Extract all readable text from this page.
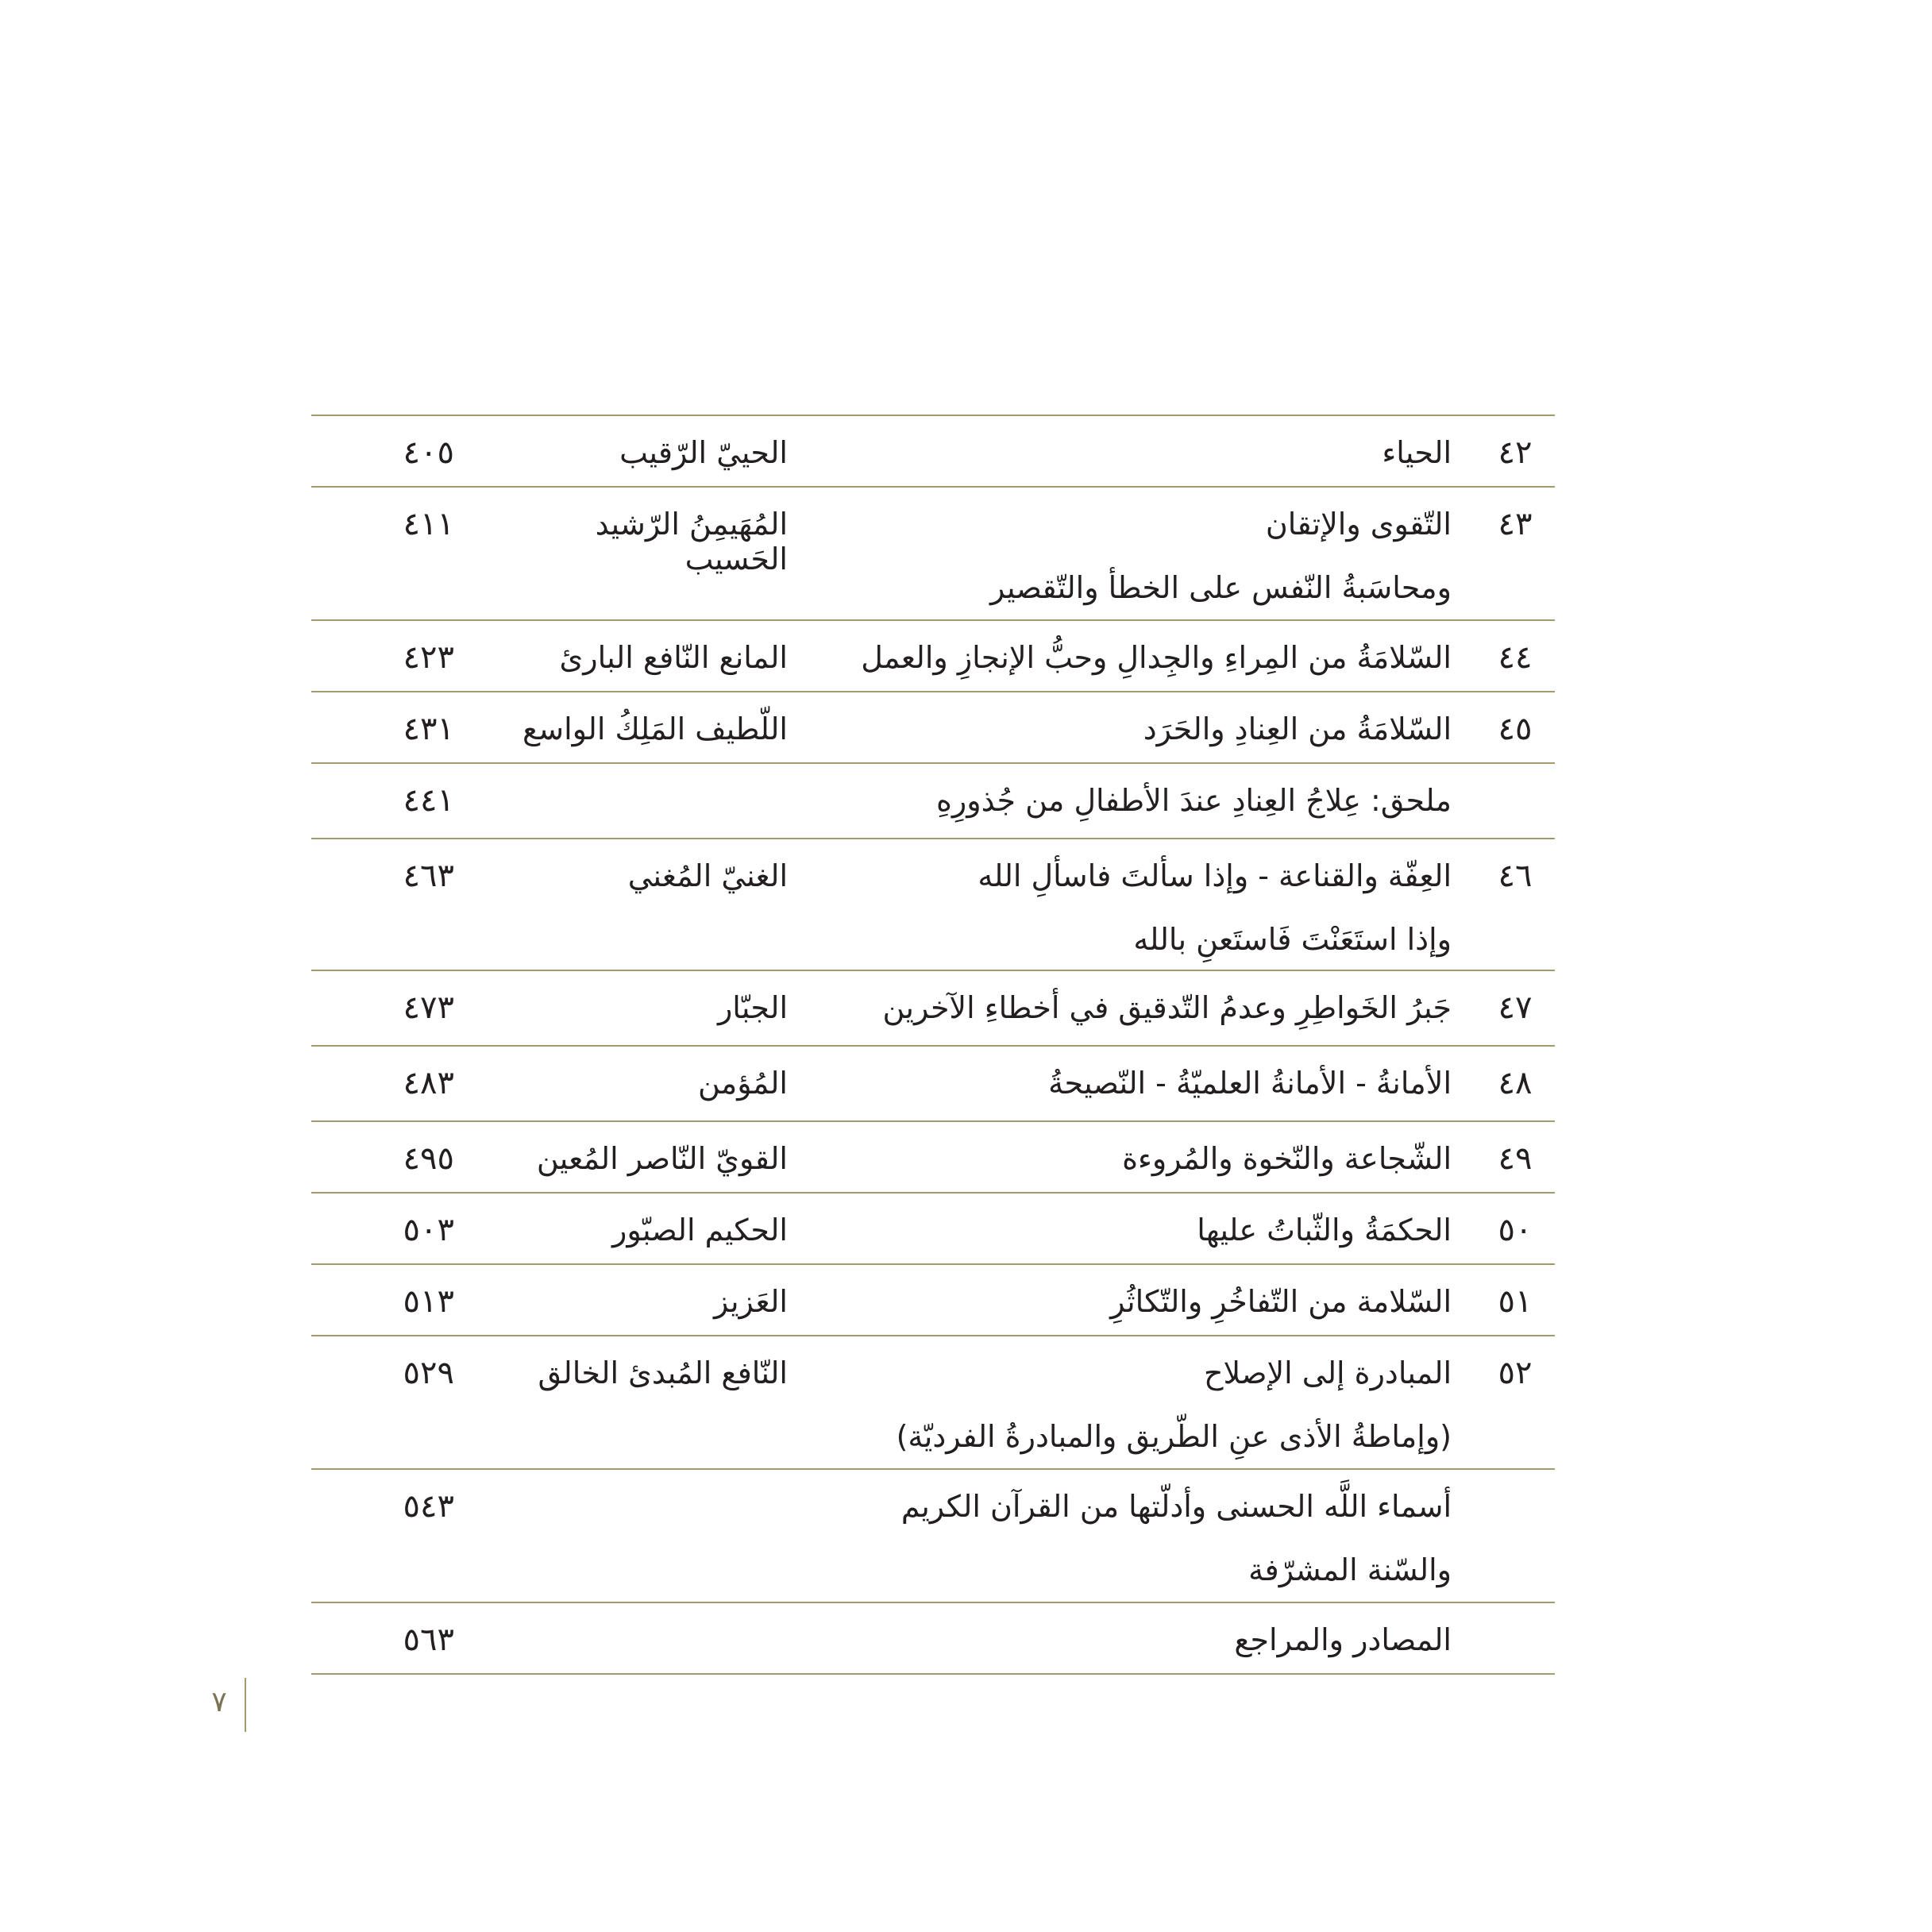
٤٢
الحياء
الحييّ الرّقيب
٤٠٥
٤٣
التّقوى والإتقان
ومحاسَبةُ النّفس على الخطأ والتّقصير
المُهَيمِنُ الرّشيد الحَسيب
٤١١
٤٤
السّلامَةُ من المِراءِ والجِدالِ وحبُّ الإنجازِ والعمل
المانع النّافع البارئ
٤٢٣
٤٥
السّلامَةُ من العِنادِ والحَرَد
اللّطيف المَلِكُ الواسع
٤٣١
ملحق: عِلاجُ العِنادِ عندَ الأطفالِ من جُذورِهِ
٤٤١
٤٦
العِفّة والقناعة - وإذا سألتَ فاسألِ الله
وإذا استَعَنْتَ فَاستَعنِ بالله
الغنيّ المُغني
٤٦٣
٤٧
جَبرُ الخَواطِرِ وعدمُ التّدقيق في أخطاءِ الآخرين
الجبّار
٤٧٣
٤٨
الأمانةُ - الأمانةُ العلميّةُ - النّصيحةُ
المُؤمن
٤٨٣
٤٩
الشّجاعة والنّخوة والمُروءة
القويّ النّاصر المُعين
٤٩٥
٥٠
الحكمَةُ والثّباتُ عليها
الحكيم الصبّور
٥٠٣
٥١
السّلامة من التّفاخُرِ والتّكاثُرِ
العَزيز
٥١٣
٥٢
المبادرة إلى الإصلاح
(وإماطةُ الأذى عنِ الطّريق والمبادرةُ الفرديّة)
النّافع المُبدئ الخالق
٥٢٩
أسماء اللَّه الحسنى وأدلّتها من القرآن الكريم
والسّنة المشرّفة
٥٤٣
المصادر والمراجع
٥٦٣
٧
